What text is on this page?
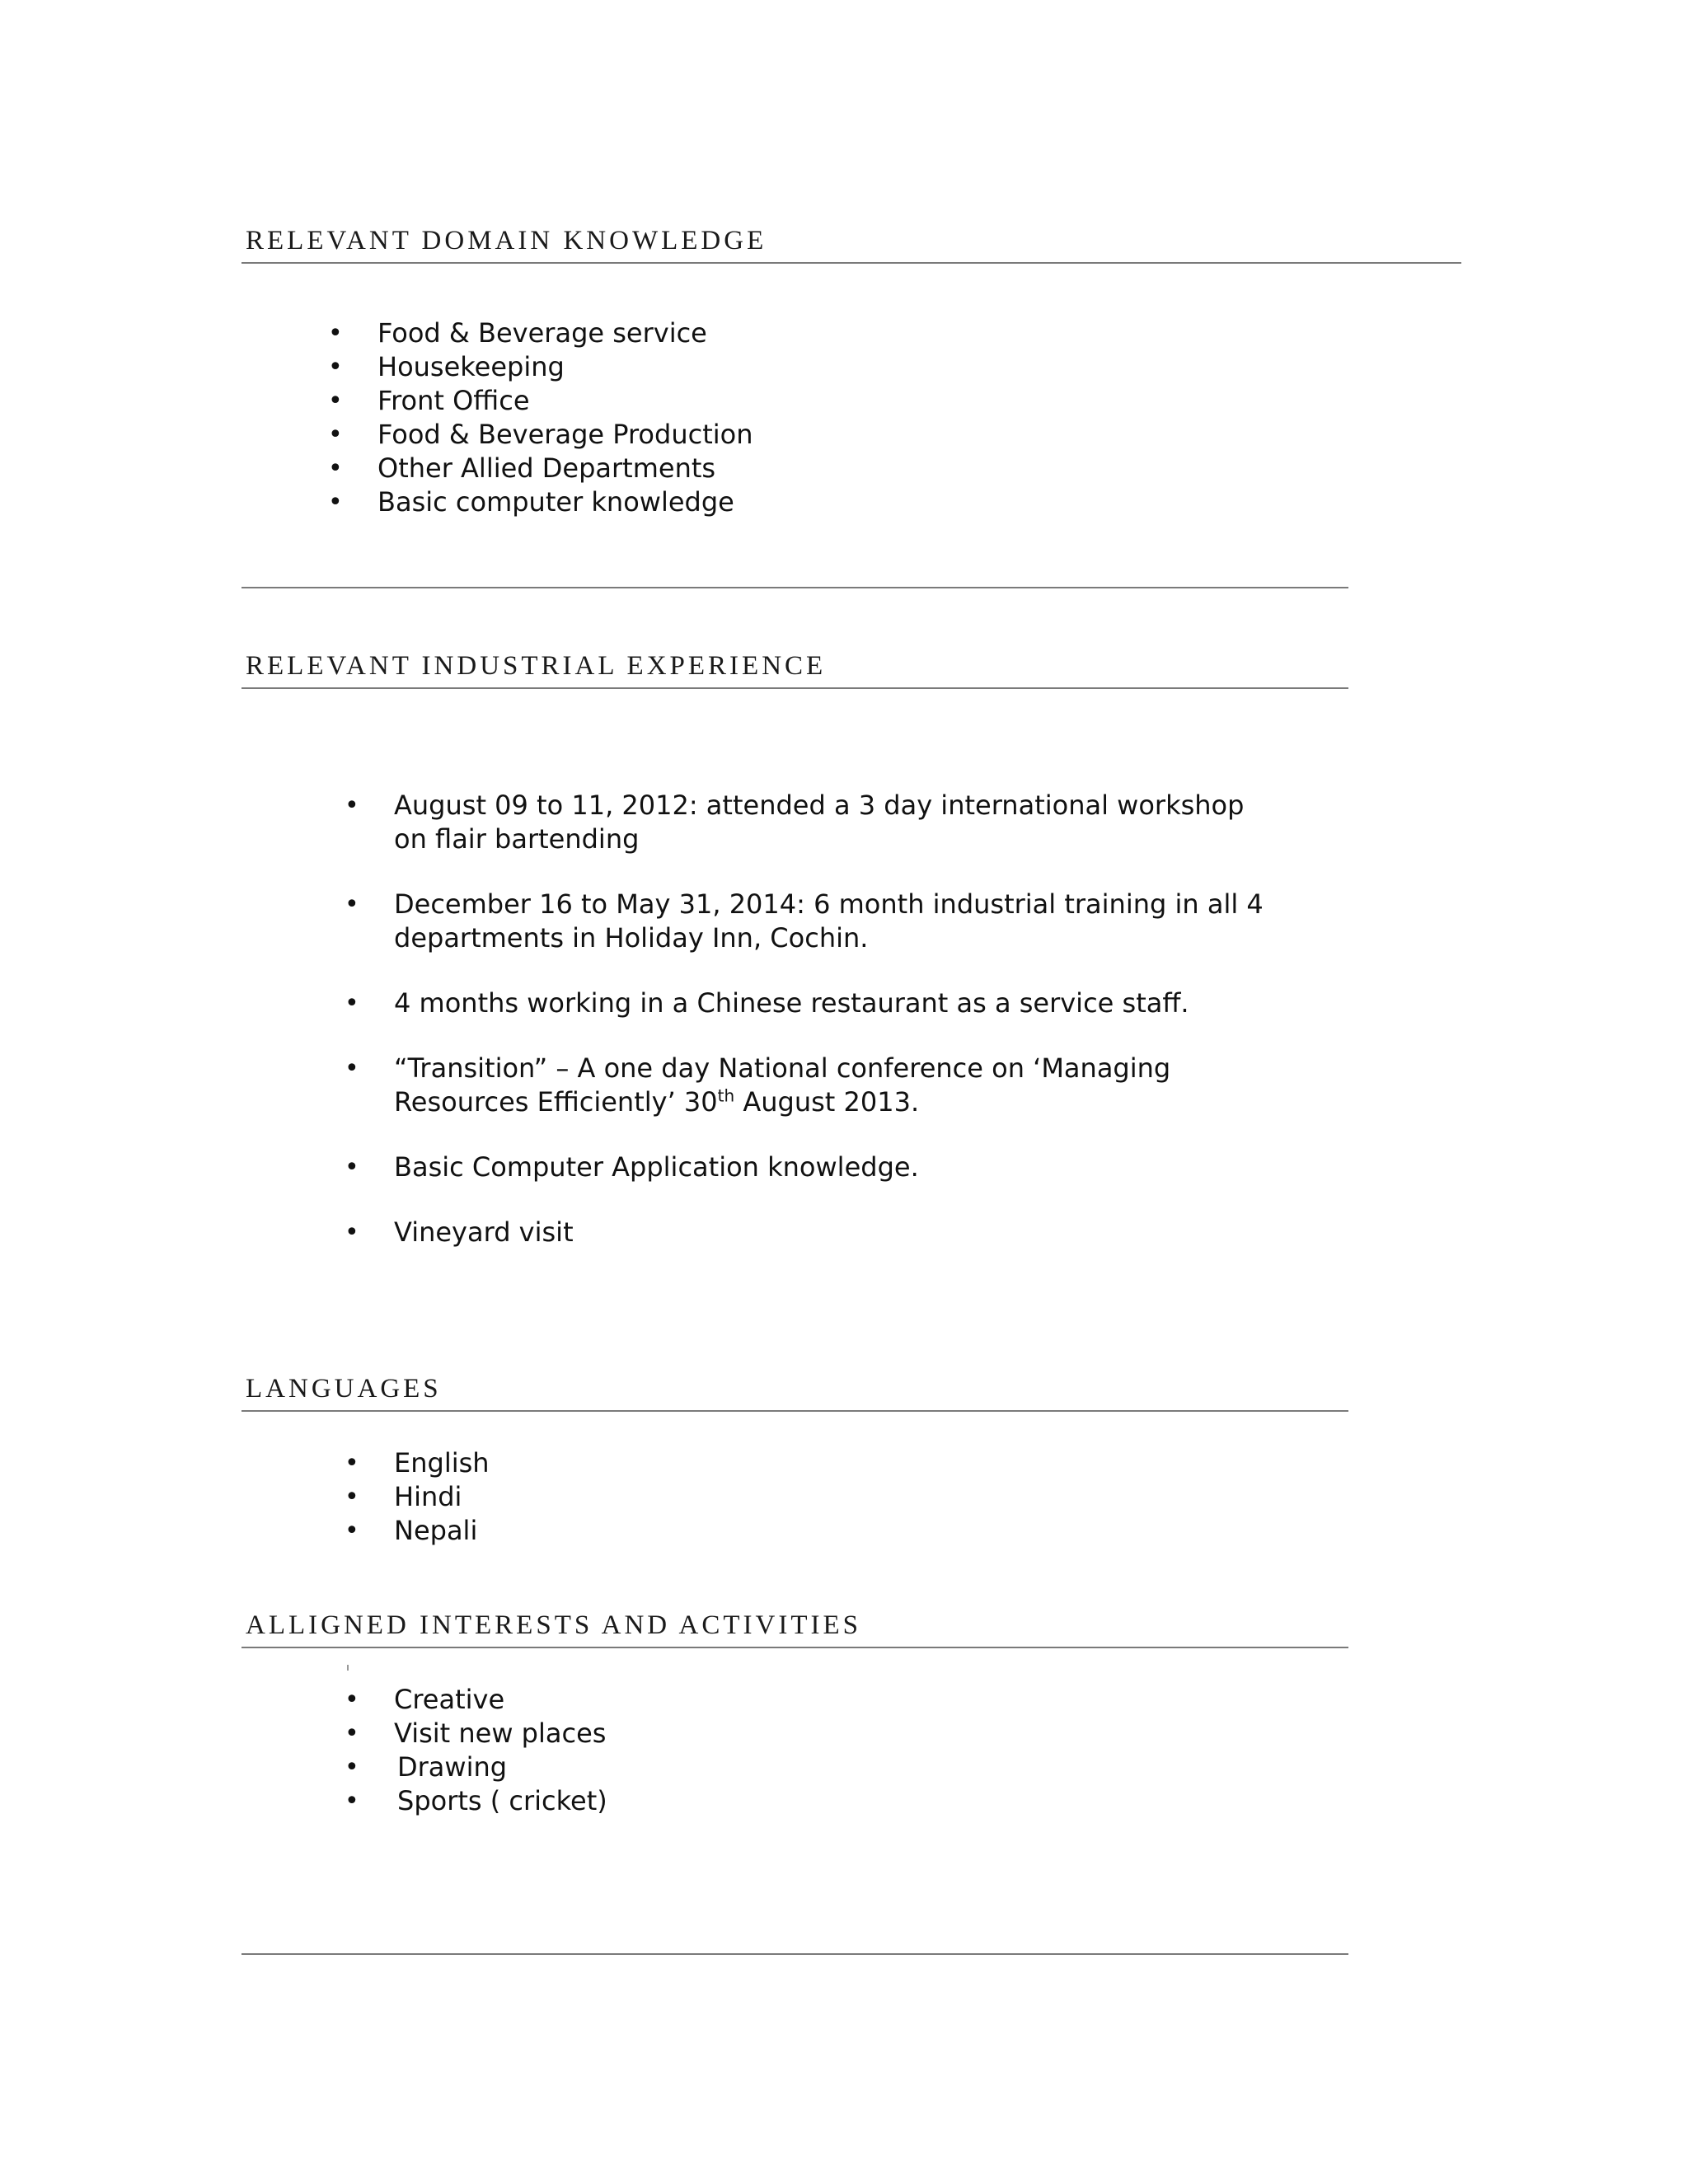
RELEVANT DOMAIN KNOWLEDGE
• Food & Beverage service
• Housekeeping
• Front Office
• Food & Beverage Production
• Other Allied Departments
• Basic computer knowledge
RELEVANT INDUSTRIAL EXPERIENCE
• August 09 to 11, 2012: attended a 3 day international workshop on flair bartending
• December 16 to May 31, 2014: 6 month industrial training in all 4 departments in Holiday Inn, Cochin.
• 4 months working in a Chinese restaurant as a service staff.
• “Transition” – A one day National conference on ‘Managing Resources Efficiently’ 30th August 2013.
• Basic Computer Application knowledge.
• Vineyard visit
LANGUAGES
• English
• Hindi
• Nepali
ALLIGNED INTERESTS AND ACTIVITIES
• Creative
• Visit new places
• Drawing
• Sports ( cricket)
